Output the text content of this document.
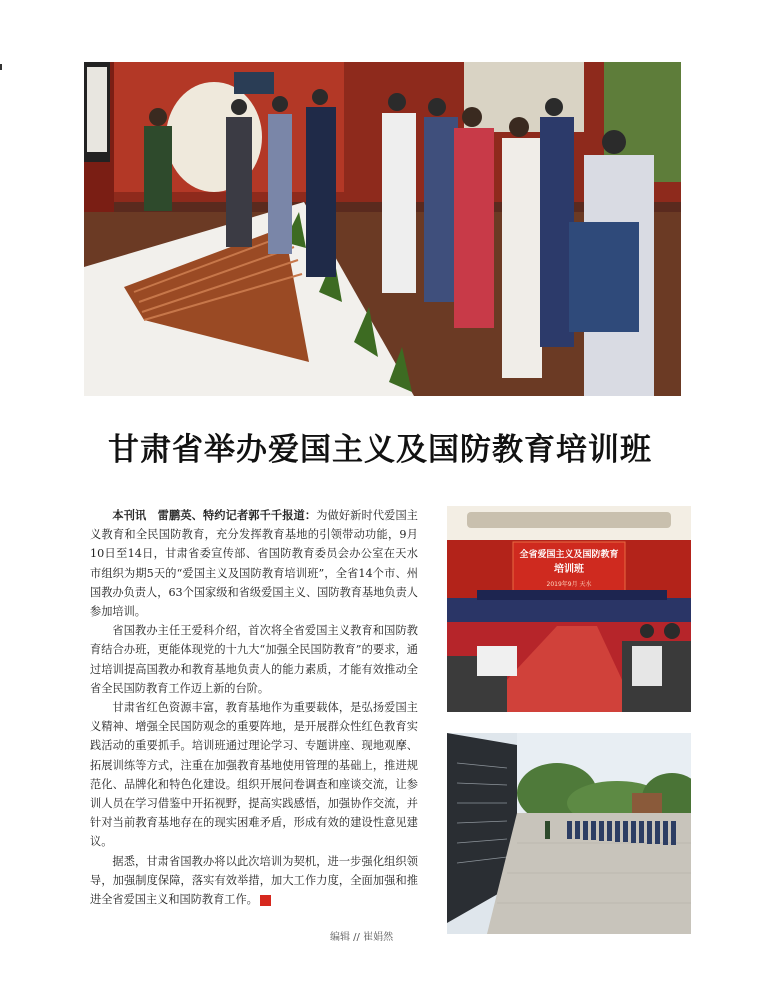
甘肃省举办爱国主义及国防教育培训班

本刊讯　雷鹏英、特约记者郭千千报道：为做好新时代爱国主义教育和全民国防教育，充分发挥教育基地的引领带动功能，9月10日至14日，甘肃省委宣传部、省国防教育委员会办公室在天水市组织为期5天的“爱国主义及国防教育培训班”，全省14个市、州国教办负责人，63个国家级和省级爱国主义、国防教育基地负责人参加培训。

省国教办主任王爱科介绍，首次将全省爱国主义教育和国防教育结合办班，更能体现党的十九大“加强全民国防教育”的要求，通过培训提高国教办和教育基地负责人的能力素质，才能有效推动全省全民国防教育工作迈上新的台阶。

甘肃省红色资源丰富，教育基地作为重要载体，是弘扬爱国主义精神、增强全民国防观念的重要阵地，是开展群众性红色教育实践活动的重要抓手。培训班通过理论学习、专题讲座、现地观摩、拓展训练等方式，注重在加强教育基地使用管理的基础上，推进规范化、品牌化和特色化建设。组织开展问卷调查和座谈交流，让参训人员在学习借鉴中开拓视野，提高实践感悟，加强协作交流，并针对当前教育基地存在的现实困难矛盾，形成有效的建设性意见建议。

据悉，甘肃省国教办将以此次培训为契机，进一步强化组织领导，加强制度保障，落实有效举措，加大工作力度，全面加强和推进全省爱国主义和国防教育工作。	G

全省爱国主义及国防教育
培训班
2019年9月 天水
编辑 // 崔娟然
